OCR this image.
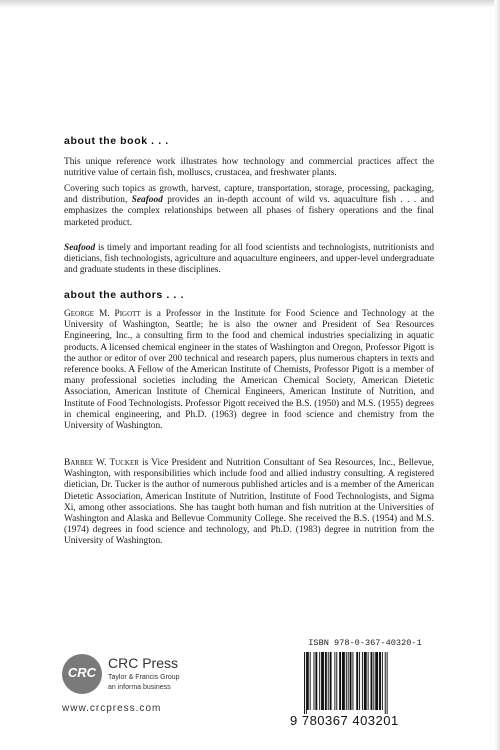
about the book . . .

This unique reference work illustrates how technology and commercial practices affect the nutritive value of certain fish, molluscs, crustacea, and freshwater plants.

Covering such topics as growth, harvest, capture, transportation, storage, processing, packaging, and distribution, Seafood provides an in-depth account of wild vs. aquaculture fish . . . and emphasizes the complex relationships between all phases of fishery operations and the final marketed product.

Seafood is timely and important reading for all food scientists and technologists, nutritionists and dieticians, fish technologists, agriculture and aquaculture engineers, and upper-level undergraduate and graduate students in these disciplines.

about the authors . . .

George M. Pigott is a Professor in the Institute for Food Science and Technology at the University of Washington, Seattle; he is also the owner and President of Sea Resources Engineering, Inc., a consulting firm to the food and chemical industries specializing in aquatic products. A licensed chemical engineer in the states of Washington and Oregon, Professor Pigott is the author or editor of over 200 technical and research papers, plus numerous chapters in texts and reference books. A Fellow of the American Institute of Chemists, Professor Pigott is a member of many professional societies including the American Chemical Society, American Dietetic Association, American Institute of Chemical Engineers, American Institute of Nutrition, and Institute of Food Technologists. Professor Pigott received the B.S. (1950) and M.S. (1955) degrees in chemical engineering, and Ph.D. (1963) degree in food science and chemistry from the University of Washington.

Barbee W. Tucker is Vice President and Nutrition Consultant of Sea Resources, Inc., Bellevue, Washington, with responsibilities which include food and allied industry consulting. A registered dietician, Dr. Tucker is the author of numerous published articles and is a member of the American Dietetic Association, American Institute of Nutrition, Institute of Food Technologists, and Sigma Xi, among other associations. She has taught both human and fish nutrition at the Universities of Washington and Alaska and Bellevue Community College. She received the B.S. (1954) and M.S. (1974) degrees in food science and technology, and Ph.D. (1983) degree in nutrition from the University of Washington.

CRC
CRC Press
Taylor & Francis Group
an informa business
www.crcpress.com
ISBN 978-0-367-40320-1
9 780367 403201
